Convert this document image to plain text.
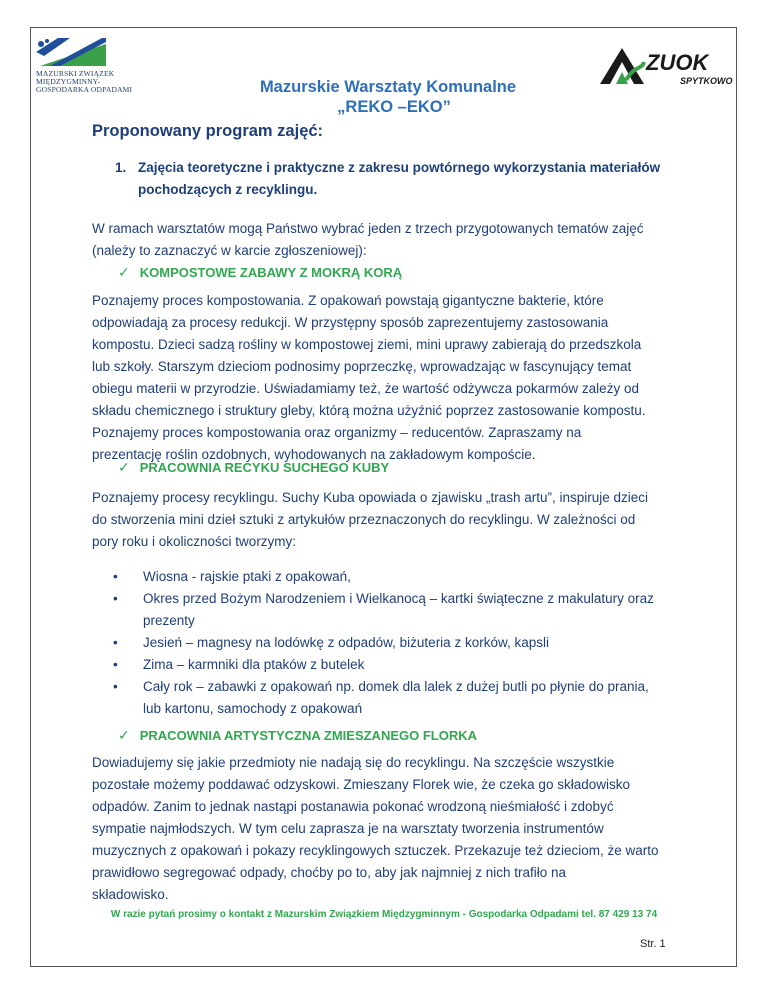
MAZURSKI ZWIĄZEK
MIĘDZYGMINNY-
GOSPODARKA ODPADAMI
ZUOK
SPYTKOWO
Mazurskie Warsztaty Komunalne
„REKO –EKO”
Proponowany program zajęć:
1. Zajęcia teoretyczne i praktyczne z zakresu powtórnego wykorzystania materiałów
pochodzących z recyklingu.
W ramach warsztatów mogą Państwo wybrać jeden z trzech przygotowanych tematów zajęć
(należy to zaznaczyć w karcie zgłoszeniowej):
✓ KOMPOSTOWE ZABAWY Z MOKRĄ KORĄ
Poznajemy proces kompostowania. Z opakowań powstają gigantyczne bakterie, które
odpowiadają za procesy redukcji. W przystępny sposób zaprezentujemy zastosowania
kompostu. Dzieci sadzą rośliny w kompostowej ziemi, mini uprawy zabierają do przedszkola
lub szkoły. Starszym dzieciom podnosimy poprzeczkę, wprowadzając w fascynujący temat
obiegu materii w przyrodzie. Uświadamiamy też, że wartość odżywcza pokarmów zależy od
składu chemicznego i struktury gleby, którą można użyźnić poprzez zastosowanie kompostu.
Poznajemy proces kompostowania oraz organizmy – reducentów. Zapraszamy na
prezentację roślin ozdobnych, wyhodowanych na zakładowym kompoście.
✓ PRACOWNIA RECYKU SUCHEGO KUBY
Poznajemy procesy recyklingu. Suchy Kuba opowiada o zjawisku „trash artu”, inspiruje dzieci
do stworzenia mini dzieł sztuki z artykułów przeznaczonych do recyklingu. W zależności od
pory roku i okoliczności tworzymy:
• Wiosna - rajskie ptaki z opakowań,
• Okres przed Bożym Narodzeniem i Wielkanocą – kartki świąteczne z makulatury oraz
prezenty
• Jesień – magnesy na lodówkę z odpadów, biżuteria z korków, kapsli
• Zima – karmniki dla ptaków z butelek
• Cały rok – zabawki z opakowań np. domek dla lalek z dużej butli po płynie do prania,
lub kartonu, samochody z opakowań
✓ PRACOWNIA ARTYSTYCZNA ZMIESZANEGO FLORKA
Dowiadujemy się jakie przedmioty nie nadają się do recyklingu. Na szczęście wszystkie
pozostałe możemy poddawać odzyskowi. Zmieszany Florek wie, że czeka go składowisko
odpadów. Zanim to jednak nastąpi postanawia pokonać wrodzoną nieśmiałość i zdobyć
sympatie najmłodszych. W tym celu zaprasza je na warsztaty tworzenia instrumentów
muzycznych z opakowań i pokazy recyklingowych sztuczek. Przekazuje też dzieciom, że warto
prawidłowo segregować odpady, choćby po to, aby jak najmniej z nich trafiło na
składowisko.
W razie pytań prosimy o kontakt z Mazurskim Związkiem Międzygminnym - Gospodarka Odpadami tel. 87 429 13 74
Str. 1
